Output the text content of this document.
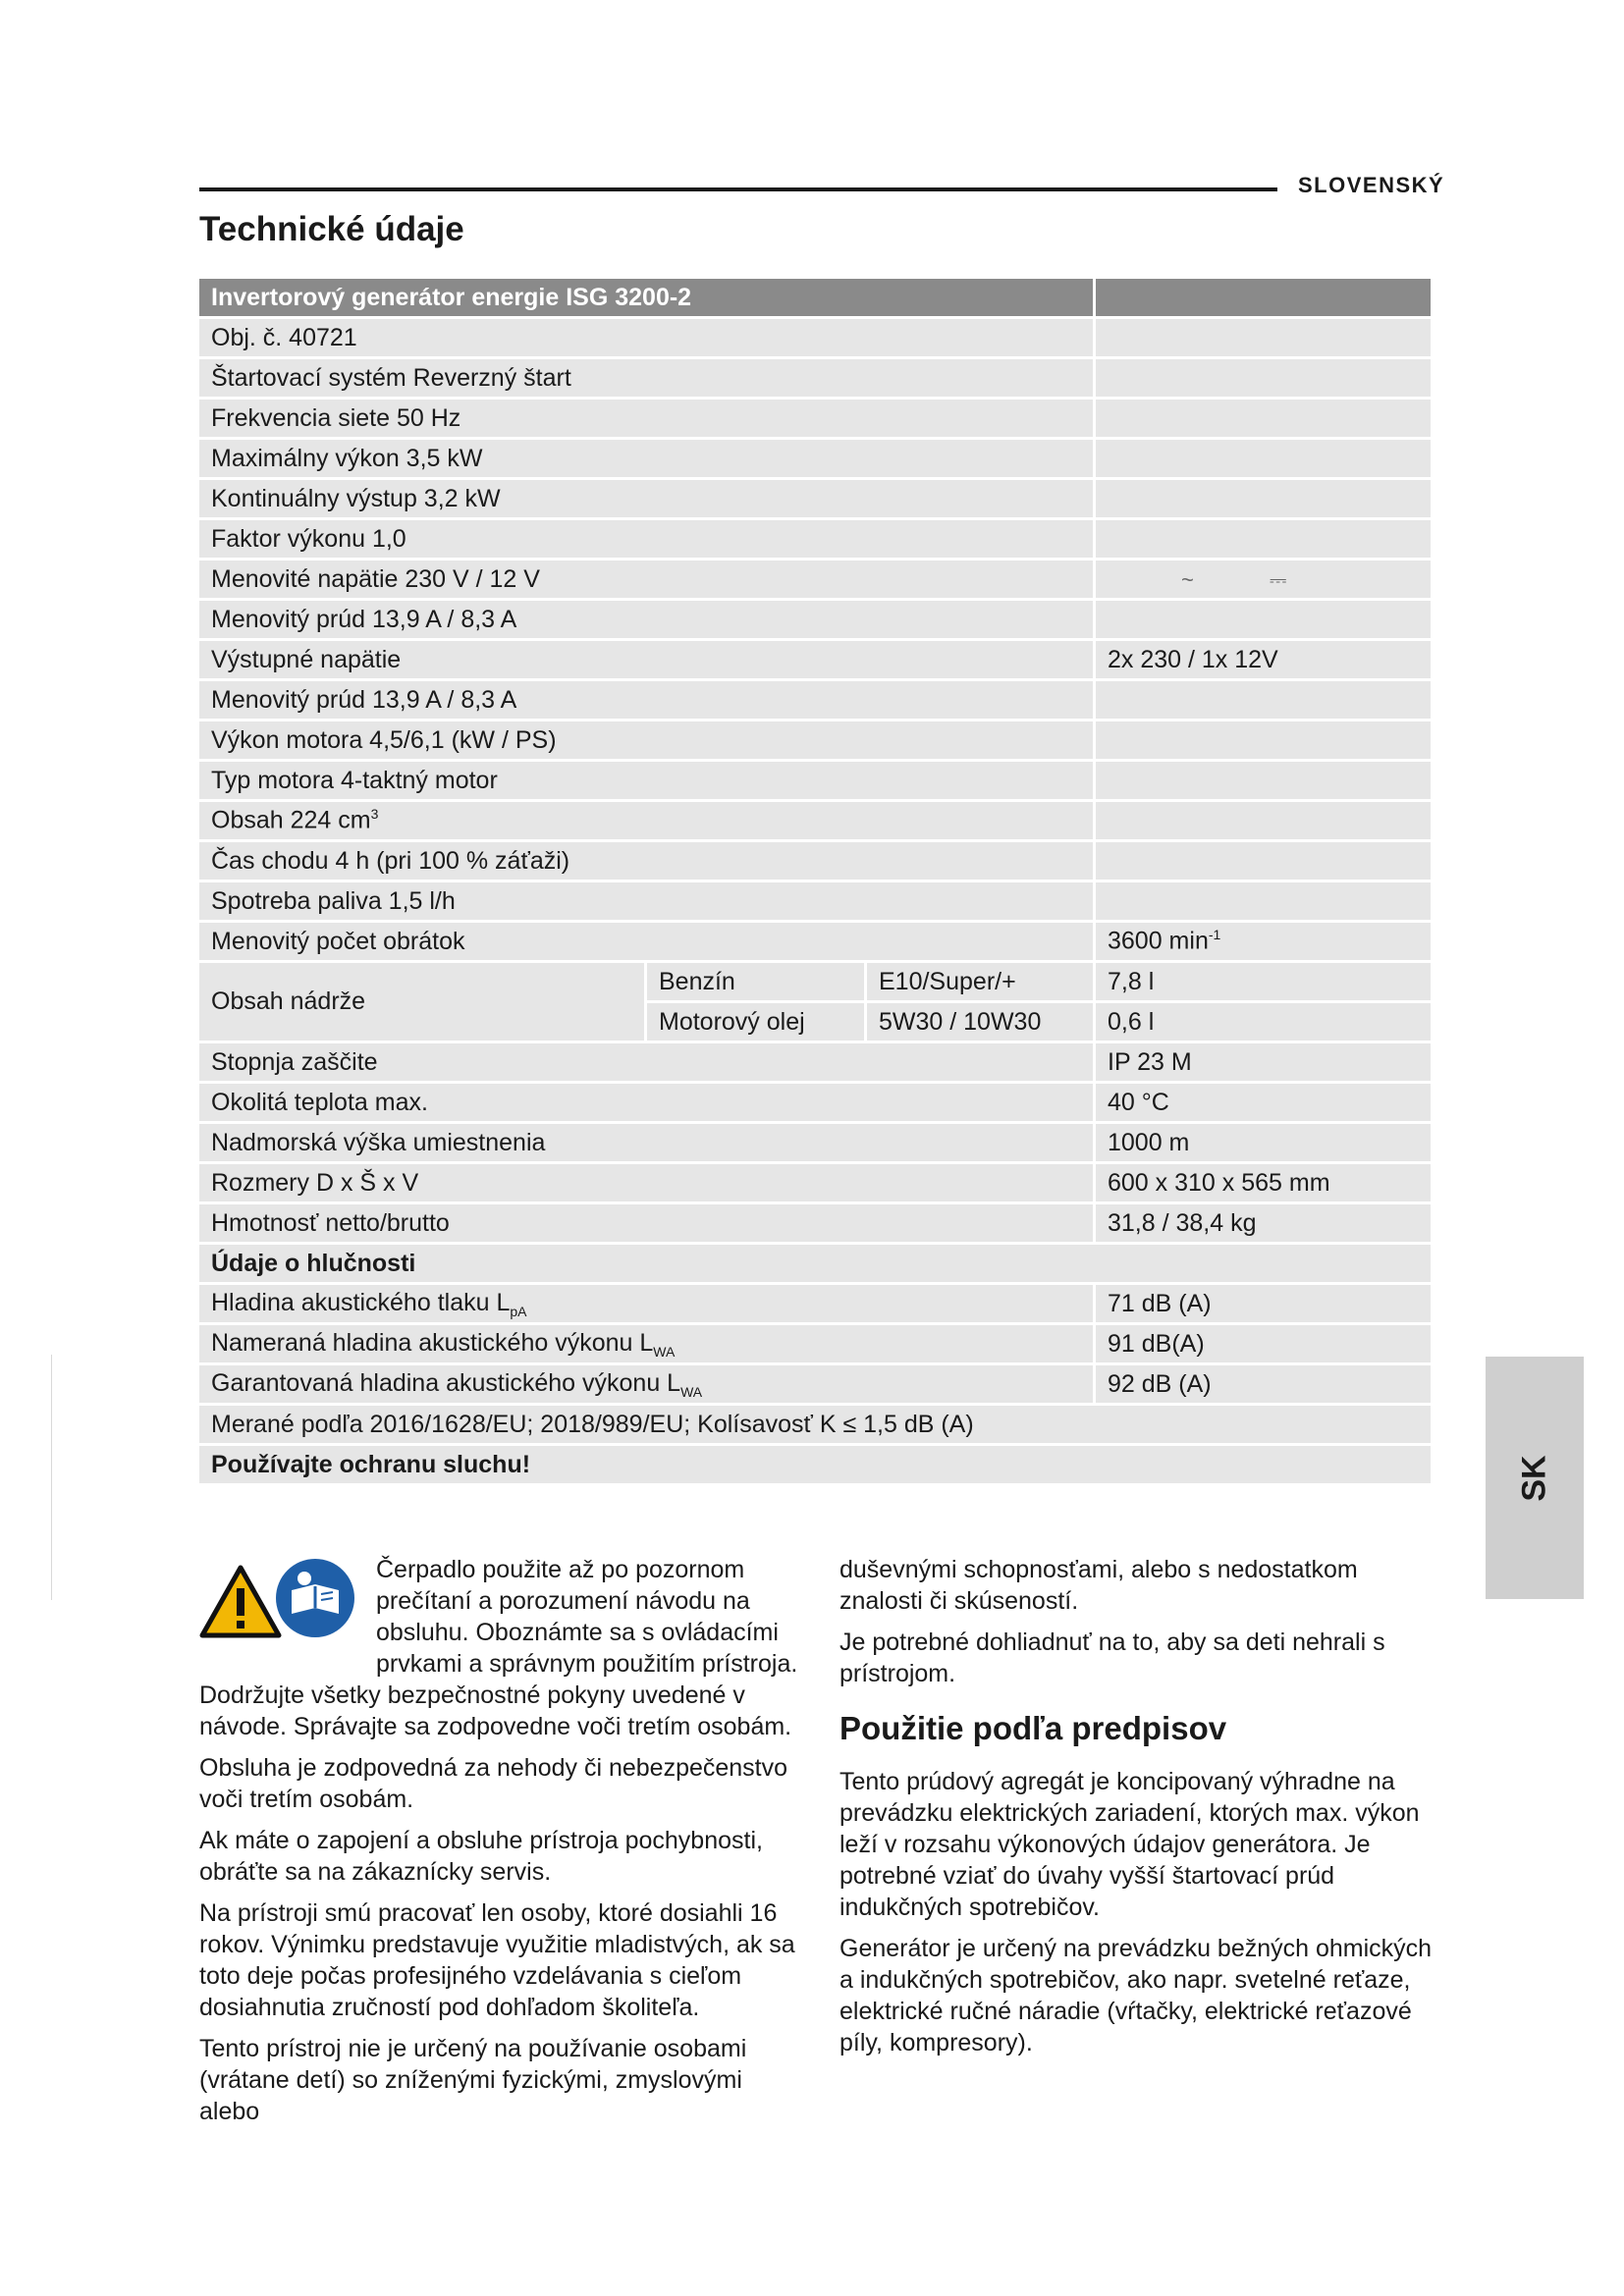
SLOVENSKÝ
Technické údaje
Invertorový generátor energie ISG 3200-2			
Obj. č. 40721			
Štartovací systém Reverzný štart			
Frekvencia siete 50 Hz			
Maximálny výkon 3,5 kW			
Kontinuálny výstup 3,2 kW			
Faktor výkonu 1,0			
Menovité napätie 230 V / 12 V			~ ⎓
Menovitý prúd 13,9 A / 8,3 A			
Výstupné napätie			2x 230 / 1x 12V
Menovitý prúd 13,9 A / 8,3 A			
Výkon motora 4,5/6,1 (kW / PS)			
Typ motora 4-taktný motor			
Obsah 224 $cm^3$	
Čas chodu 4 h (pri 100 % záťaži)			
Spotreba paliva 1,5 l/h			
Menovitý počet obrátok			3600 $\min^{-1}$
Obsah nádrže	Benzín	E10/Super/+	7,8 l
	Motorový olej	5W30 / 10W30	0,6 l
Stopnja zaščite			IP 23 M
Okolitá teplota max.			40 °C
Nadmorská výška umiestnenia			1000 m
Rozmery D x Š x V			600 x 310 x 565 mm
Hmotnosť netto/brutto			31,8 / 38,4 kg
Údaje o hlučnosti			
Hladina akustického tlaku $L_{pA}$			71 dB (A)
Nameraná hladina akustického výkonu $L_{WA}$			91 dB(A)
Garantovaná hladina akustického výkonu $L_{WA}$			92 dB (A)
Merané podľa 2016/1628/EU; 2018/989/EU; Kolísavosť K ≤ 1,5 dB (A)			
Používajte ochranu sluchu!				SK

Čerpadlo použite až po pozornom prečítaní a porozumení návodu na obsluhu. Oboznámte sa s ovládacími prvkami a správnym použitím prístroja. Dodržujte všetky bezpečnostné pokyny uvedené v návode. Správajte sa zodpovedne voči tretím osobám.

Obsluha je zodpovedná za nehody či nebezpečenstvo voči tretím osobám.

Ak máte o zapojení a obsluhe prístroja pochybnosti, obráťte sa na zákaznícky servis.

Na prístroji smú pracovať len osoby, ktoré dosiahli 16 rokov. Výnimku predstavuje využitie mladistvých, ak sa toto deje počas profesijného vzdelávania s cieľom dosiahnutia zručností pod dohľadom školiteľa.

Tento prístroj nie je určený na používanie osobami (vrátane detí) so zníženými fyzickými, zmyslovými alebo

duševnými schopnosťami, alebo s nedostatkom znalosti či skúseností.

Je potrebné dohliadnuť na to, aby sa deti nehrali s prístrojom.

Použitie podľa predpisov

Tento prúdový agregát je koncipovaný výhradne na prevádzku elektrických zariadení, ktorých max. výkon leží v rozsahu výkonových údajov generátora. Je potrebné vziať do úvahy vyšší štartovací prúd indukčných spotrebičov.

Generátor je určený na prevádzku bežných ohmických a indukčných spotrebičov, ako napr. svetelné reťaze, elektrické ručné náradie (vŕtačky, elektrické reťazové píly, kompresory).
